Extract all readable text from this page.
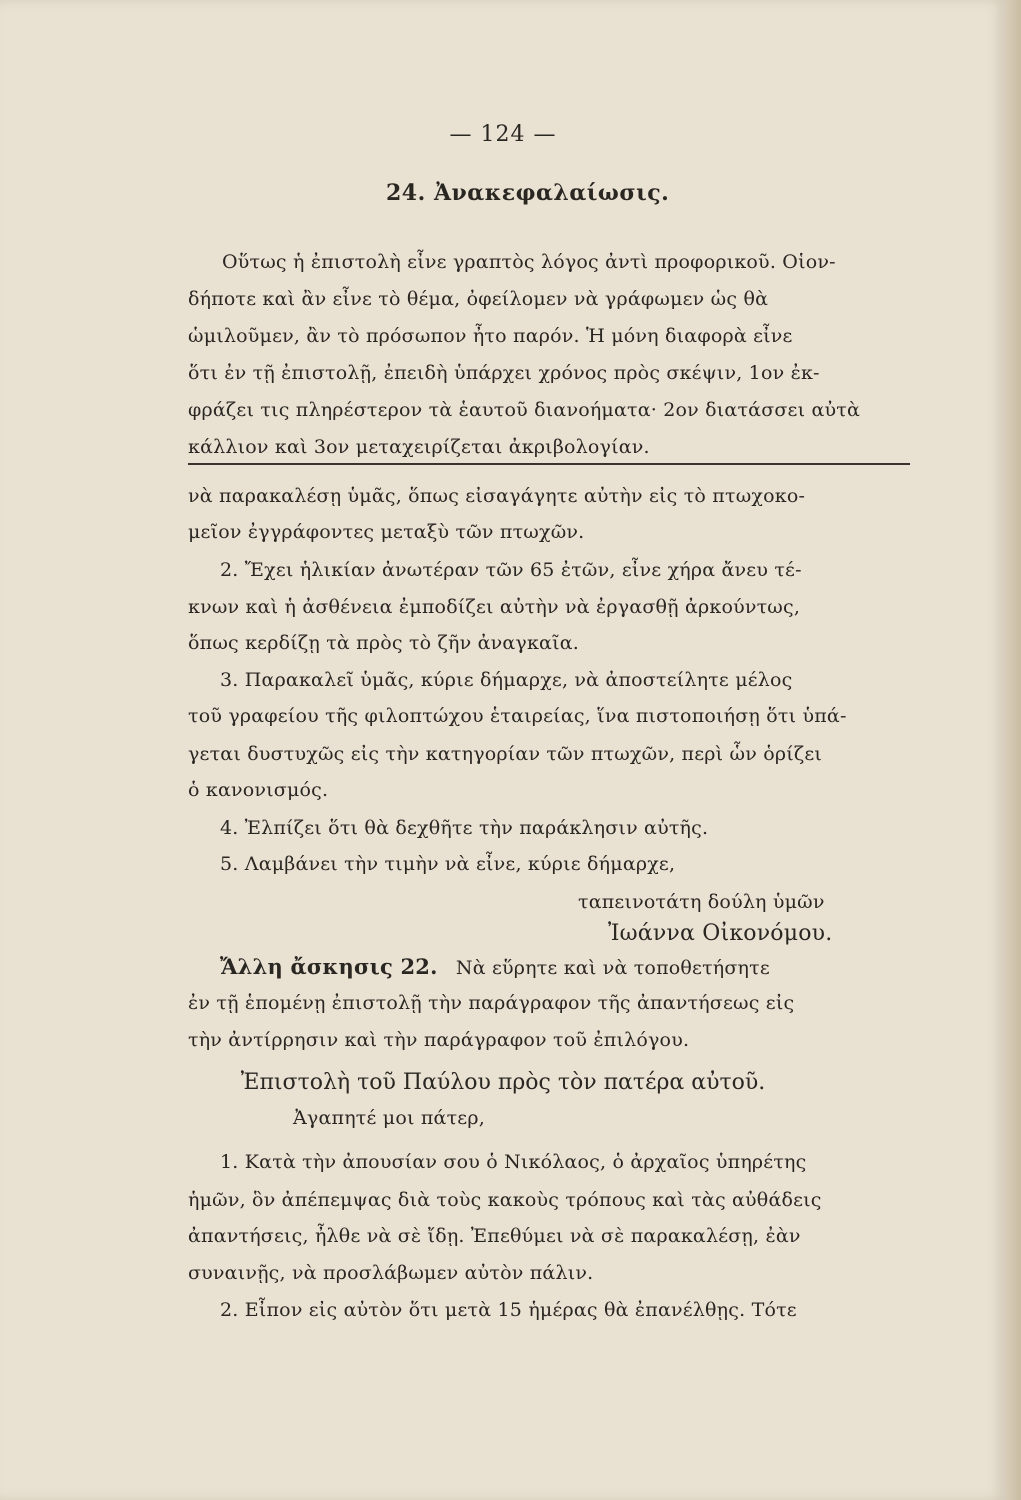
— 124 —
24. Ἀνακεφαλαίωσις.
Οὕτως ἡ ἐπιστολὴ εἶνε γραπτὸς λόγος ἀντὶ προφορικοῦ. Οἱον-
δήποτε καὶ ἂν εἶνε τὸ θέμα, ὀφείλομεν νὰ γράφωμεν ὡς θὰ
ὡμιλοῦμεν, ἂν τὸ πρόσωπον ἦτο παρόν. Ἡ μόνη διαφορὰ εἶνε
ὅτι ἐν τῇ ἐπιστολῇ, ἐπειδὴ ὑπάρχει χρόνος πρὸς σκέψιν, 1ον ἐκ-
φράζει τις πληρέστερον τὰ ἑαυτοῦ διανοήματα· 2ον διατάσσει αὐτὰ
κάλλιον καὶ 3ον μεταχειρίζεται ἀκριβολογίαν.
νὰ παρακαλέσῃ ὑμᾶς, ὅπως εἰσαγάγητε αὐτὴν εἰς τὸ πτωχοκο-
μεῖον ἐγγράφοντες μεταξὺ τῶν πτωχῶν.
2. Ἔχει ἡλικίαν ἀνωτέραν τῶν 65 ἐτῶν, εἶνε χήρα ἄνευ τέ-
κνων καὶ ἡ ἀσθένεια ἐμποδίζει αὐτὴν νὰ ἐργασθῇ ἀρκούντως,
ὅπως κερδίζῃ τὰ πρὸς τὸ ζῆν ἀναγκαῖα.
3. Παρακαλεῖ ὑμᾶς, κύριε δήμαρχε, νὰ ἀποστείλητε μέλος
τοῦ γραφείου τῆς φιλοπτώχου ἑταιρείας, ἵνα πιστοποιήσῃ ὅτι ὑπά-
γεται δυστυχῶς εἰς τὴν κατηγορίαν τῶν πτωχῶν, περὶ ὧν ὁρίζει
ὁ κανονισμός.
4. Ἐλπίζει ὅτι θὰ δεχθῆτε τὴν παράκλησιν αὐτῆς.
5. Λαμβάνει τὴν τιμὴν νὰ εἶνε, κύριε δήμαρχε,
ταπεινοτάτη δούλη ὑμῶν
Ἰωάννα Οἰκονόμου.
Ἄλλη ἄσκησις 22. Νὰ εὕρητε καὶ νὰ τοποθετήσητε
ἐν τῇ ἑπομένῃ ἐπιστολῇ τὴν παράγραφον τῆς ἀπαντήσεως εἰς
τὴν ἀντίρρησιν καὶ τὴν παράγραφον τοῦ ἐπιλόγου.
Ἐπιστολὴ τοῦ Παύλου πρὸς τὸν πατέρα αὐτοῦ.
Ἀγαπητέ μοι πάτερ,
1. Κατὰ τὴν ἀπουσίαν σου ὁ Νικόλαος, ὁ ἀρχαῖος ὑπηρέτης
ἡμῶν, ὃν ἀπέπεμψας διὰ τοὺς κακοὺς τρόπους καὶ τὰς αὐθάδεις
ἀπαντήσεις, ἦλθε νὰ σὲ ἴδῃ. Ἐπεθύμει νὰ σὲ παρακαλέσῃ, ἐὰν
συναινῇς, νὰ προσλάβωμεν αὐτὸν πάλιν.
2. Εἶπον εἰς αὐτὸν ὅτι μετὰ 15 ἡμέρας θὰ ἐπανέλθῃς. Τότε
